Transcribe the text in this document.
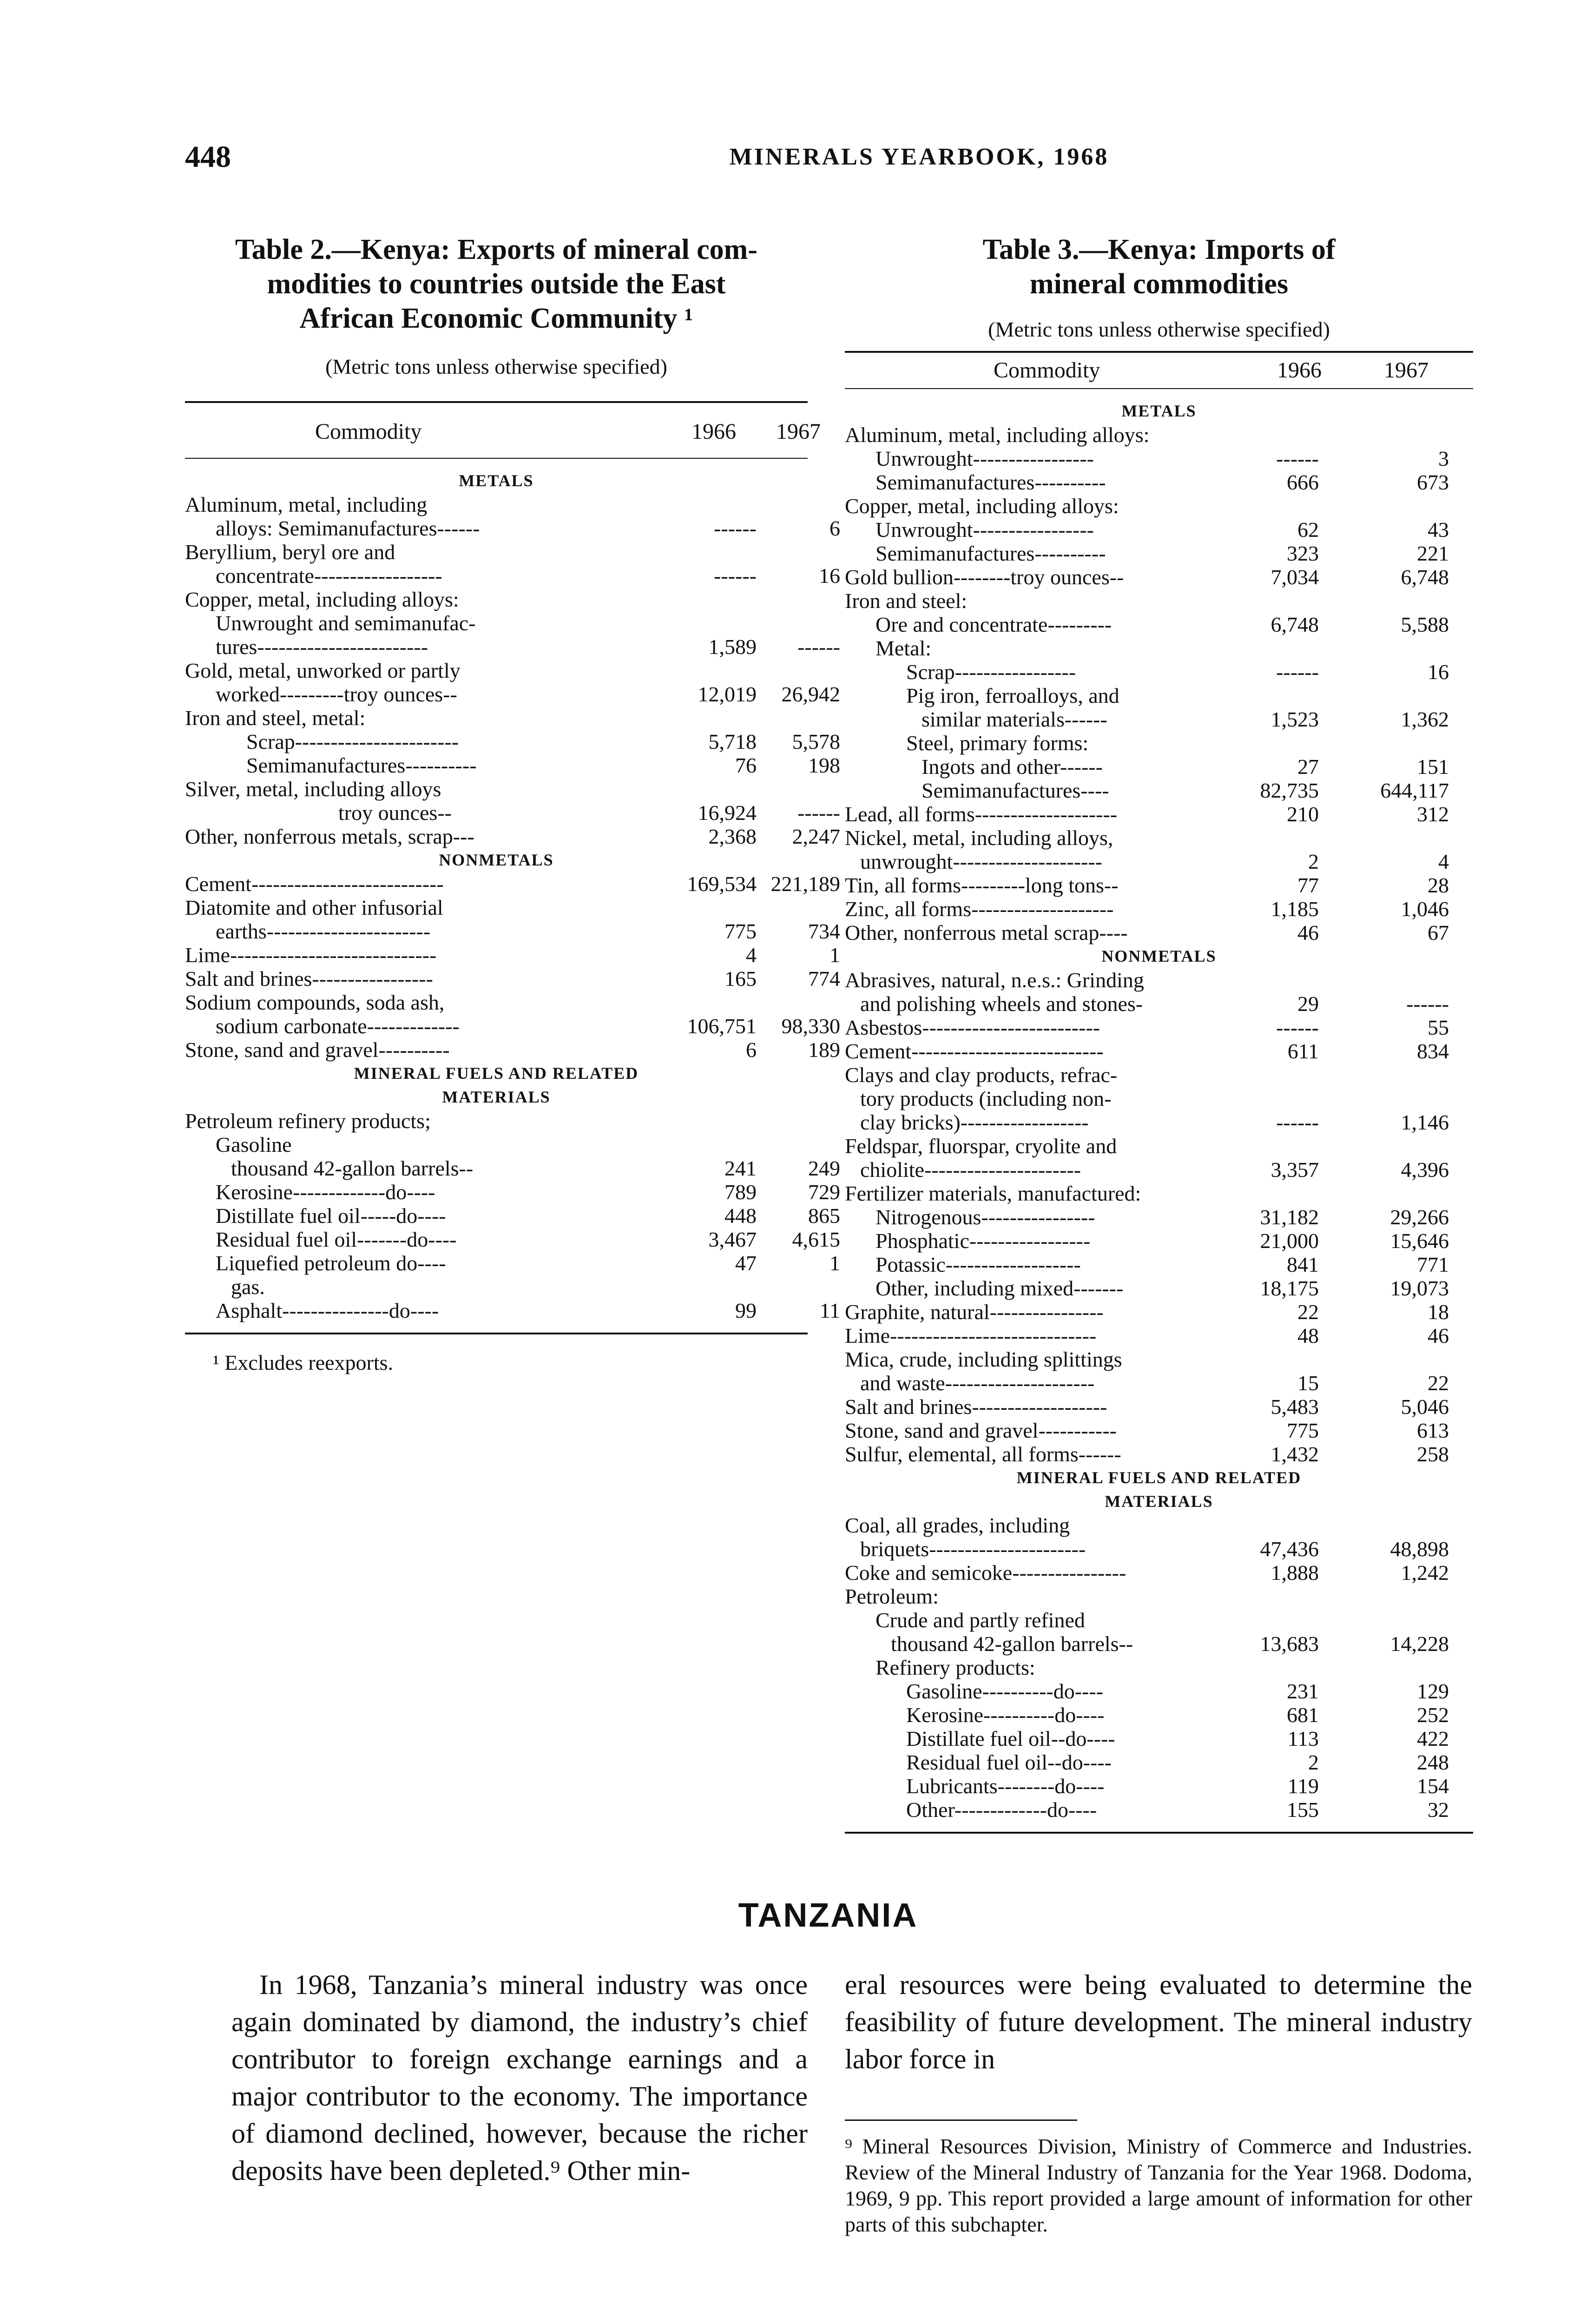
448	MINERALS YEARBOOK, 1968
Table 2.—Kenya: Exports of mineral com-
modities to countries outside the East
African Economic Community ¹
(Metric tons unless otherwise specified)
Commodity	1966 1967
METALS
Aluminum, metal, including
alloys: Semimanufactures------	------	6
Beryllium, beryl ore and
concentrate------------------	------	16
Copper, metal, including alloys:
Unwrought and semimanufac-
tures------------------------	1,589	------
Gold, metal, unworked or partly
worked---------troy ounces--	12,019	26,942
Iron and steel, metal:
Scrap-----------------------	5,718	5,578
Semimanufactures----------	76	198
Silver, metal, including alloys
troy ounces--	16,924	------
Other, nonferrous metals, scrap---	2,368	2,247
NONMETALS
Cement---------------------------	169,534 221,189
Diatomite and other infusorial
earths-----------------------	775	734
Lime-----------------------------	4	1
Salt and brines-----------------	165	774
Sodium compounds, soda ash,
sodium carbonate-------------	106,751	98,330
Stone, sand and gravel----------	6	189
MINERAL FUELS AND RELATED
MATERIALS
Petroleum refinery products;
Gasoline
thousand 42-gallon barrels--	241	249
Kerosine-------------do----	789	729
Distillate fuel oil-----do----	448	865
Residual fuel oil-------do----	3,467	4,615
Liquefied petroleum do----	47	1
gas.
Asphalt---------------do----	99	11
¹ Excludes reexports.
Table 3.—Kenya: Imports of
mineral commodities
(Metric tons unless otherwise specified)
Commodity	1966	1967
METALS
Aluminum, metal, including alloys:
Unwrought-----------------	------	3
Semimanufactures----------	666	673
Copper, metal, including alloys:
Unwrought-----------------	62	43
Semimanufactures----------	323	221
Gold bullion--------troy ounces--	7,034	6,748
Iron and steel:
Ore and concentrate---------	6,748	5,588
Metal:
Scrap-----------------	------	16
Pig iron, ferroalloys, and
similar materials------	1,523	1,362
Steel, primary forms:
Ingots and other------	27	151
Semimanufactures----	82,735	644,117
Lead, all forms--------------------	210	312
Nickel, metal, including alloys,
unwrought---------------------	2	4
Tin, all forms---------long tons--	77	28
Zinc, all forms--------------------	1,185	1,046
Other, nonferrous metal scrap----	46	67
NONMETALS
Abrasives, natural, n.e.s.: Grinding
and polishing wheels and stones-	29	------
Asbestos-------------------------	------	55
Cement---------------------------	611	834
Clays and clay products, refrac-
tory products (including non-
clay bricks)------------------	------	1,146
Feldspar, fluorspar, cryolite and
chiolite----------------------	3,357	4,396
Fertilizer materials, manufactured:
Nitrogenous----------------	31,182	29,266
Phosphatic-----------------	21,000	15,646
Potassic-------------------	841	771
Other, including mixed-------	18,175	19,073
Graphite, natural----------------	22	18
Lime-----------------------------	48	46
Mica, crude, including splittings
and waste---------------------	15	22
Salt and brines-------------------	5,483	5,046
Stone, sand and gravel-----------	775	613
Sulfur, elemental, all forms------	1,432	258
MINERAL FUELS AND RELATED
MATERIALS
Coal, all grades, including
briquets----------------------	47,436	48,898
Coke and semicoke----------------	1,888	1,242
Petroleum:
Crude and partly refined
thousand 42-gallon barrels--	13,683	14,228
Refinery products:
Gasoline----------do----	231	129
Kerosine----------do----	681	252
Distillate fuel oil--do----	113	422
Residual fuel oil--do----	2	248
Lubricants--------do----	119	154
Other-------------do----	155	32
TANZANIA
In 1968, Tanzania’s mineral industry was once again dominated by diamond, the industry’s chief contributor to foreign exchange earnings and a major contributor to the economy. The importance of diamond declined, however, because the richer deposits have been depleted.⁹ Other min-
eral resources were being evaluated to determine the feasibility of future development. The mineral industry labor force in
⁹ Mineral Resources Division, Ministry of Commerce and Industries. Review of the Mineral Industry of Tanzania for the Year 1968. Dodoma, 1969, 9 pp. This report provided a large amount of information for other parts of this subchapter.
